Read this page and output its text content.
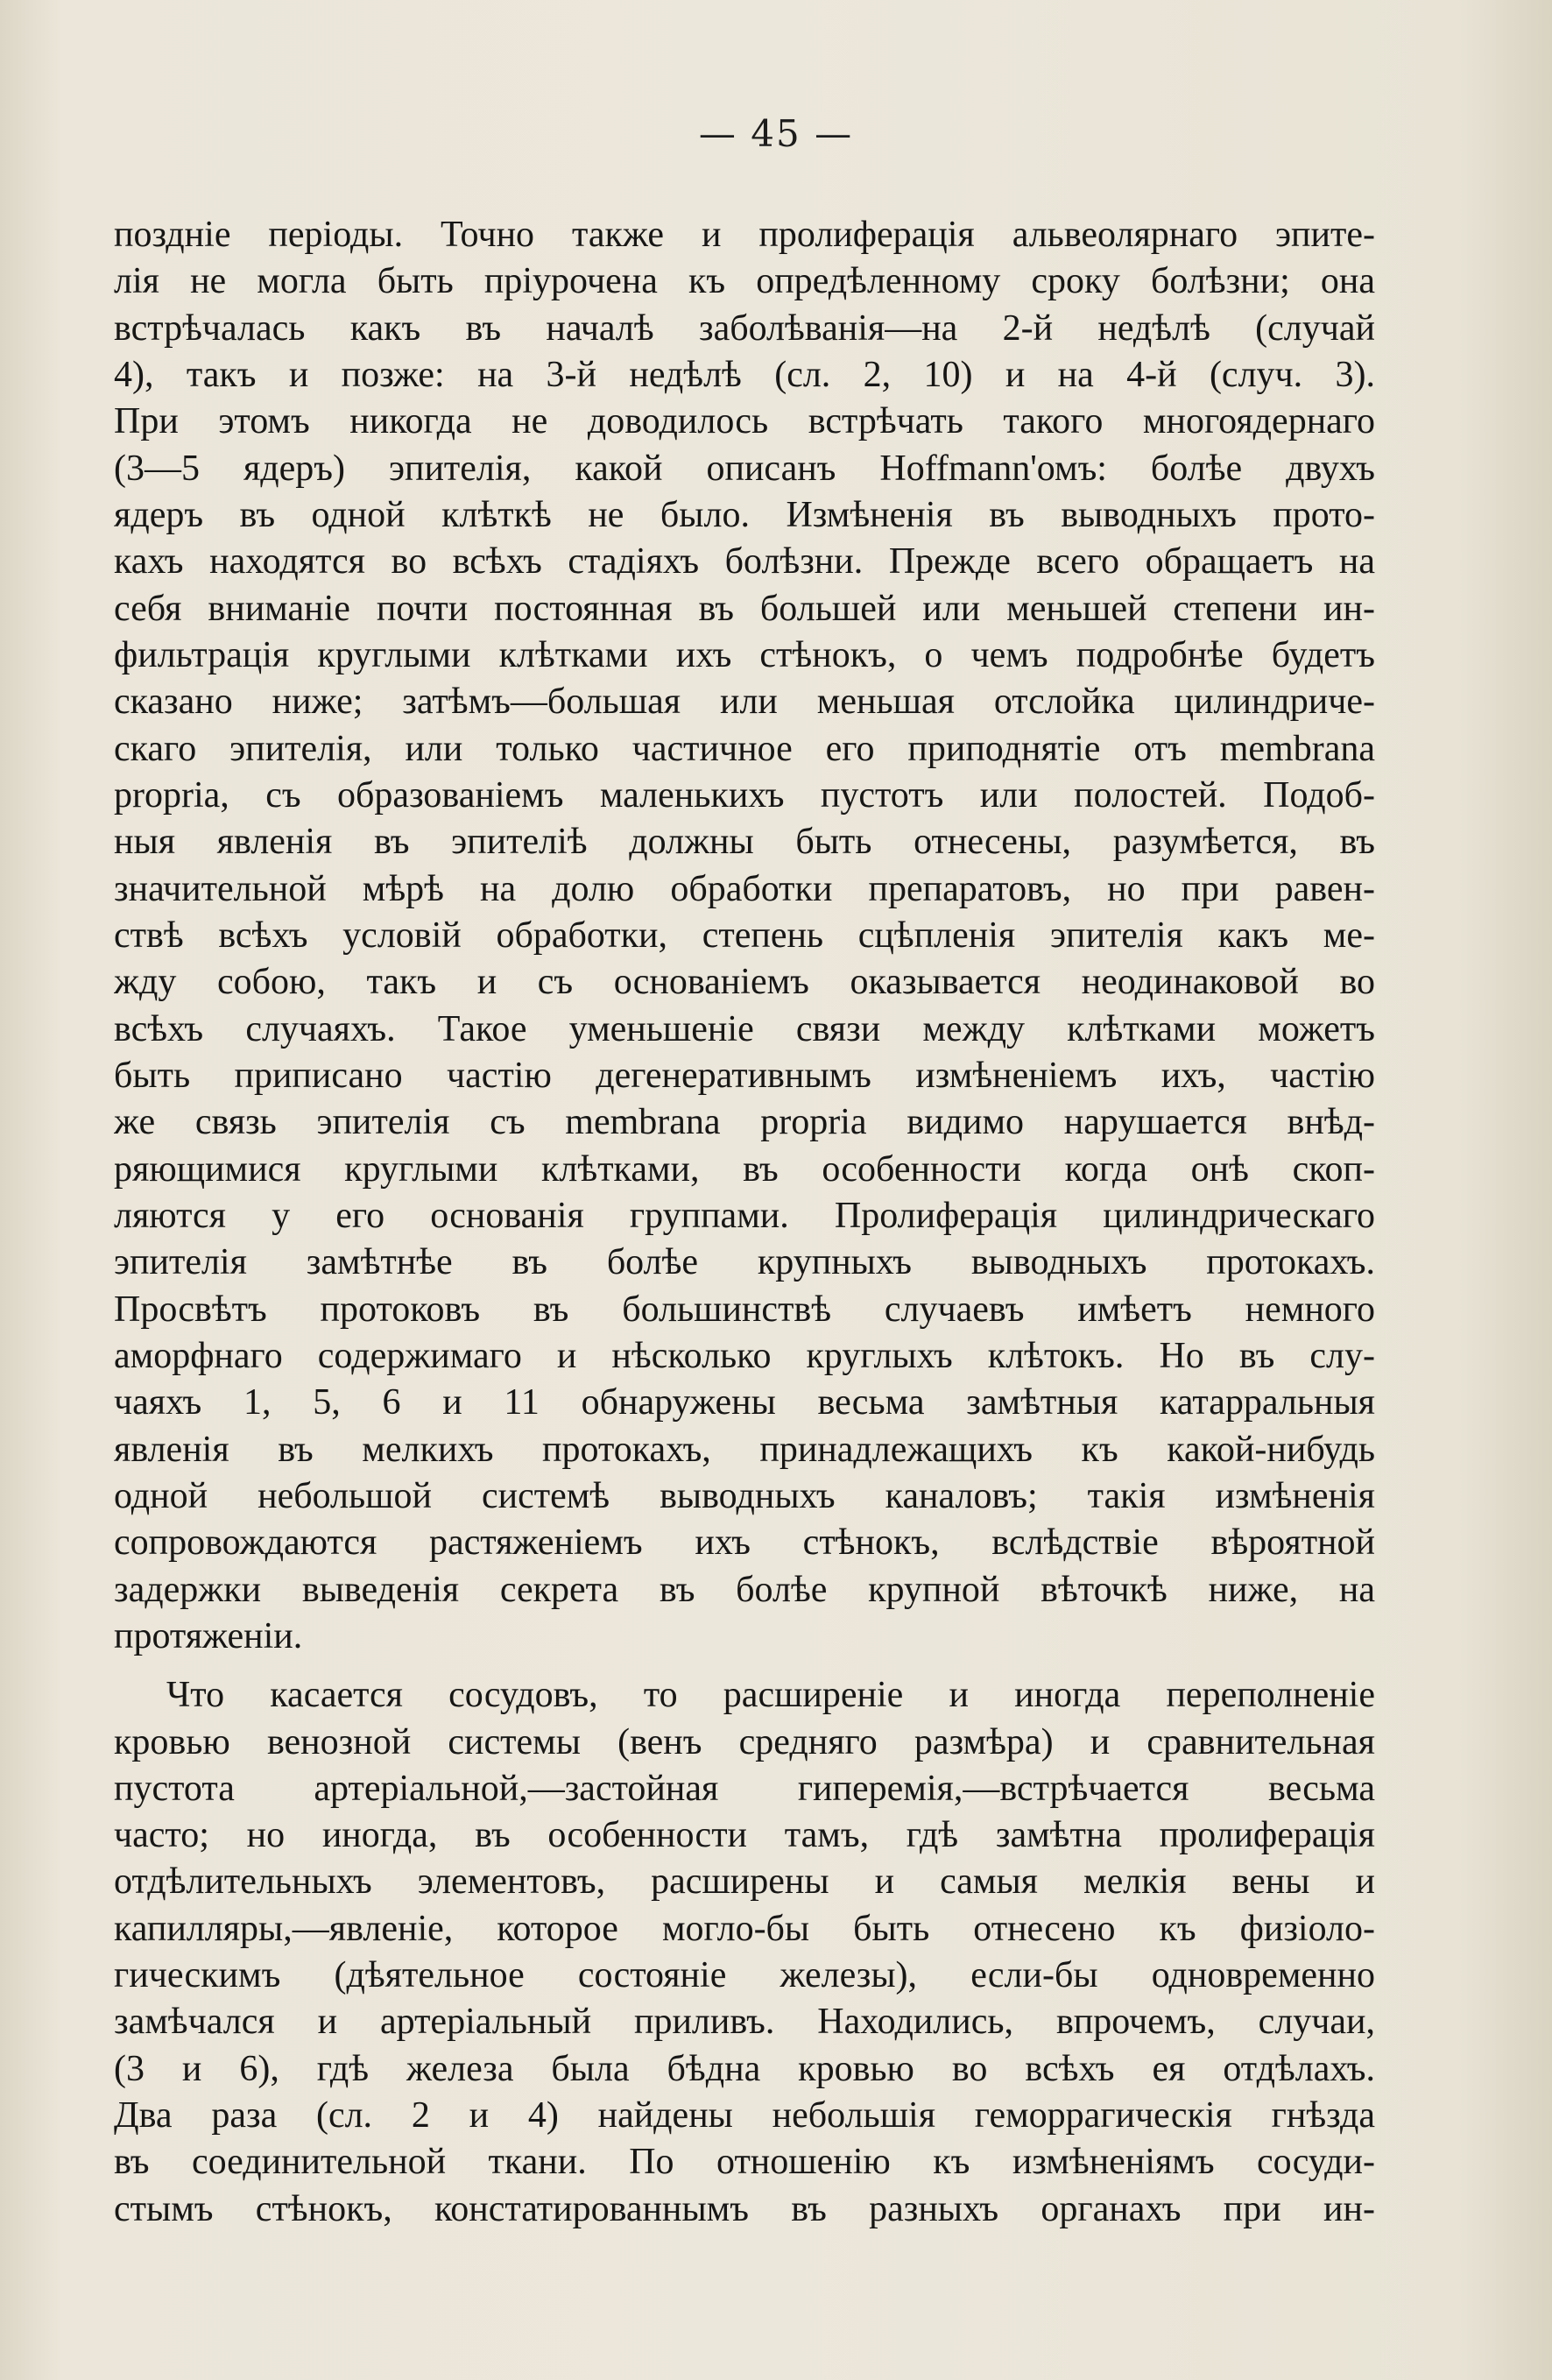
— 45 —

поздніе періоды. Точно также и пролиферація альвеолярнаго эпите-
лія не могла быть пріурочена къ опредѣленному сроку болѣзни; она
встрѣчалась какъ въ началѣ заболѣванія—на 2-й недѣлѣ (случай
4), такъ и позже: на 3-й недѣлѣ (сл. 2, 10) и на 4-й (случ. 3).
При этомъ никогда не доводилось встрѣчать такого многоядернаго
(3—5 ядеръ) эпителія, какой описанъ Hoffmann'омъ: болѣе двухъ
ядеръ въ одной клѣткѣ не было. Измѣненія въ выводныхъ прото-
кахъ находятся во всѣхъ стадіяхъ болѣзни. Прежде всего обращаетъ на
себя вниманіе почти постоянная въ большей или меньшей степени ин-
фильтрація круглыми клѣтками ихъ стѣнокъ, о чемъ подробнѣе будетъ
сказано ниже; затѣмъ—большая или меньшая отслойка цилиндриче-
скаго эпителія, или только частичное его приподнятіе отъ membrana
propria, съ образованіемъ маленькихъ пустотъ или полостей. Подоб-
ныя явленія въ эпителіѣ должны быть отнесены, разумѣется, въ
значительной мѣрѣ на долю обработки препаратовъ, но при равен-
ствѣ всѣхъ условій обработки, степень сцѣпленія эпителія какъ ме-
жду собою, такъ и съ основаніемъ оказывается неодинаковой во
всѣхъ случаяхъ. Такое уменьшеніе связи между клѣтками можетъ
быть приписано частію дегенеративнымъ измѣненіемъ ихъ, частію
же связь эпителія съ membrana propria видимо нарушается внѣд-
ряющимися круглыми клѣтками, въ особенности когда онѣ скоп-
ляются у его основанія группами. Пролиферація цилиндрическаго
эпителія замѣтнѣе въ болѣе крупныхъ выводныхъ протокахъ.
Просвѣтъ протоковъ въ большинствѣ случаевъ имѣетъ немного
аморфнаго содержимаго и нѣсколько круглыхъ клѣтокъ. Но въ слу-
чаяхъ 1, 5, 6 и 11 обнаружены весьма замѣтныя катарральныя
явленія въ мелкихъ протокахъ, принадлежащихъ къ какой-нибудь
одной небольшой системѣ выводныхъ каналовъ; такія измѣненія
сопровождаются растяженіемъ ихъ стѣнокъ, вслѣдствіе вѣроятной
задержки выведенія секрета въ болѣе крупной вѣточкѣ ниже, на
протяженіи.

Что касается сосудовъ, то расширеніе и иногда переполненіе
кровью венозной системы (венъ средняго размѣра) и сравнительная
пустота артеріальной,—застойная гиперемія,—встрѣчается весьма
часто; но иногда, въ особенности тамъ, гдѣ замѣтна пролиферація
отдѣлительныхъ элементовъ, расширены и самыя мелкія вены и
капилляры,—явленіе, которое могло-бы быть отнесено къ физіоло-
гическимъ (дѣятельное состояніе железы), если-бы одновременно
замѣчался и артеріальный приливъ. Находились, впрочемъ, случаи,
(3 и 6), гдѣ железа была бѣдна кровью во всѣхъ ея отдѣлахъ.
Два раза (сл. 2 и 4) найдены небольшія геморрагическія гнѣзда
въ соединительной ткани. По отношенію къ измѣненіямъ сосуди-
стымъ стѣнокъ, констатированнымъ въ разныхъ органахъ при ин-
